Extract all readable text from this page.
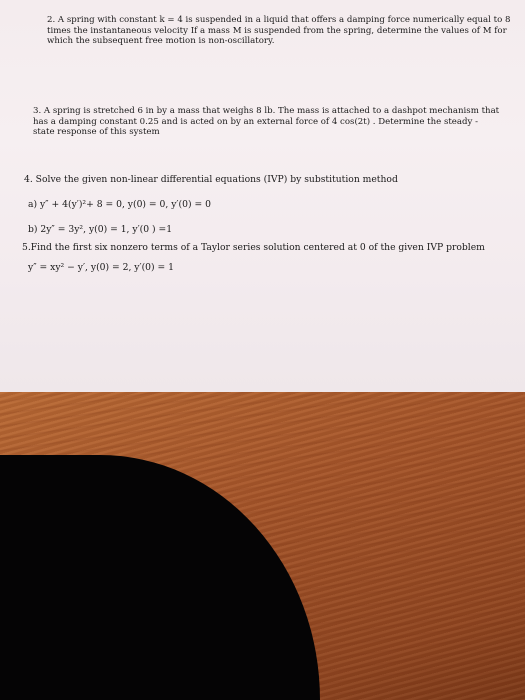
2. A spring with constant k = 4 is suspended in a liquid that offers a damping force numerically equal to 8
times the instantaneous velocity If a mass M is suspended from the spring, determine the values of M for
which the subsequent free motion is non-oscillatory.
3. A spring is stretched 6 in by a mass that weighs 8 lb. The mass is attached to a dashpot mechanism that
has a damping constant 0.25 and is acted on by an external force of 4 cos(2t) . Determine the steady -
state response of this system
4. Solve the given non-linear differential equations (IVP) by substitution method
a) y″ + 4(y′)²+ 8 = 0, y(0) = 0, y′(0) = 0
b) 2y″ = 3y², y(0) = 1, y′(0 ) =1
5.Find the first six nonzero terms of a Taylor series solution centered at 0 of the given IVP problem
y″ = xy² − y′, y(0) = 2, y′(0) = 1
